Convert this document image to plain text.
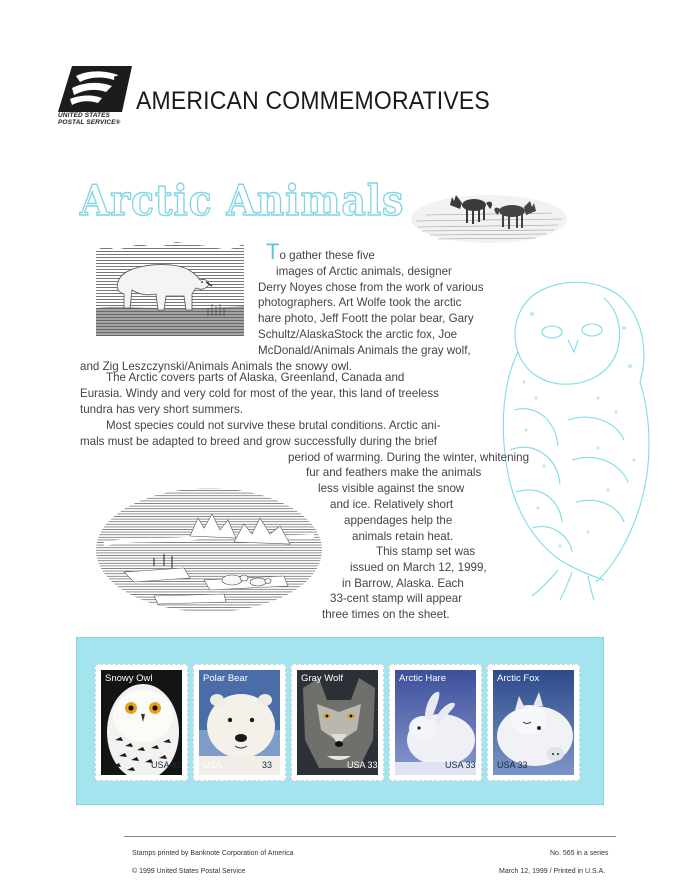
UNITED STATES
POSTAL SERVICE®
AMERICAN COMMEMORATIVES
Arctic Animals
To gather these five
images of Arctic animals, designer
Derry Noyes chose from the work of various
photographers. Art Wolfe took the arctic
hare photo, Jeff Foott the polar bear, Gary
Schultz/AlaskaStock the arctic fox, Joe
McDonald/Animals Animals the gray wolf,
and Zig Leszczynski/Animals Animals the snowy owl.
The Arctic covers parts of Alaska, Greenland, Canada and
Eurasia. Windy and very cold for most of the year, this land of treeless
tundra has very short summers.
Most species could not survive these brutal conditions. Arctic ani-
mals must be adapted to breed and grow successfully during the brief
period of warming. During the winter, whitening
fur and feathers make the animals
less visible against the snow
and ice. Relatively short
appendages help the
animals retain heat.
This stamp set was
issued on March 12, 1999,
in Barrow, Alaska. Each
33-cent stamp will appear
three times on the sheet.
Snowy Owl
USA 33
Polar Bear
USA	33
Gray Wolf
USA 33
Arctic Hare
USA 33
Arctic Fox
USA 33
Stamps printed by Banknote Corporation of America
© 1999 United States Postal Service
No. 565 in a series
March 12, 1999 / Printed in U.S.A.
